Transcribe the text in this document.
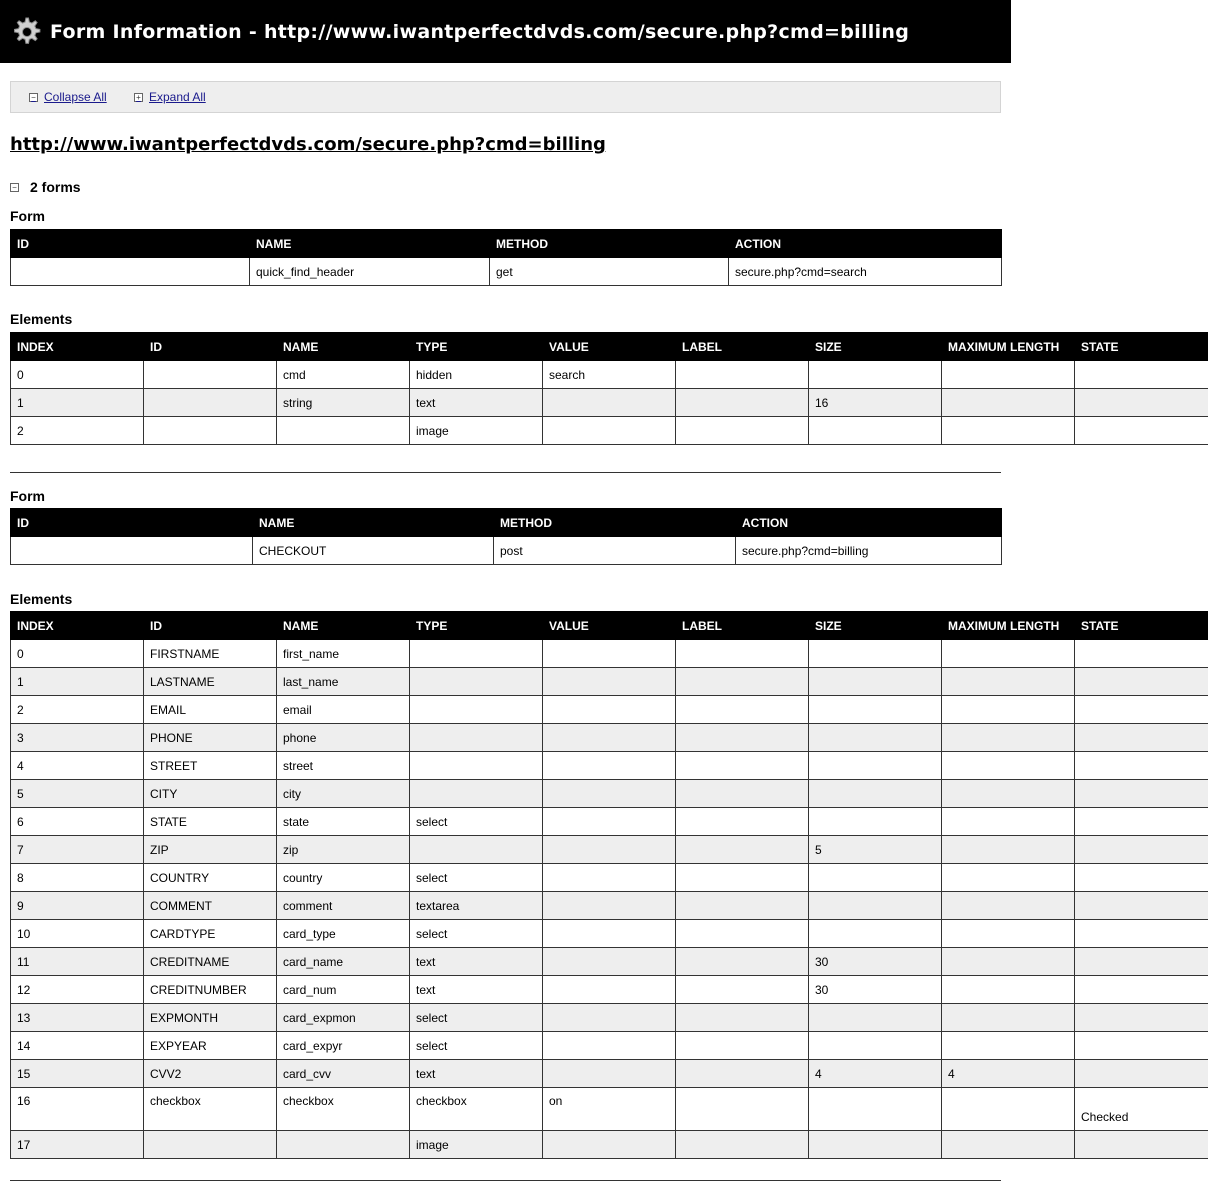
Form Information - http://www.iwantperfectdvds.com/secure.php?cmd=billing
− Collapse All	+ Expand All
http://www.iwantperfectdvds.com/secure.php?cmd=billing
− 2 forms
Form
ID	NAME	METHOD	ACTION
	quick_find_header	get	secure.php?cmd=search
Elements
INDEX	ID	NAME	TYPE	VALUE	LABEL	SIZE	MAXIMUM LENGTH	STATE
0		cmd	hidden	search				
1		string	text			16		
2			image					
Form
ID	NAME	METHOD	ACTION
	CHECKOUT	post	secure.php?cmd=billing
Elements
INDEX	ID	NAME	TYPE	VALUE	LABEL	SIZE	MAXIMUM LENGTH	STATE
0	FIRSTNAME	first_name						
1	LASTNAME	last_name						
2	EMAIL	email						
3	PHONE	phone						
4	STREET	street						
5	CITY	city						
6	STATE	state	select					
7	ZIP	zip				5		
8	COUNTRY	country	select					
9	COMMENT	comment	textarea					
10	CARDTYPE	card_type	select					
11	CREDITNAME	card_name	text			30		
12	CREDITNUMBER	card_num	text			30		
13	EXPMONTH	card_expmon	select					
14	EXPYEAR	card_expyr	select					
15	CVV2	card_cvv	text			4	4	
16	checkbox	checkbox	checkbox	on				Checked
17			image					
